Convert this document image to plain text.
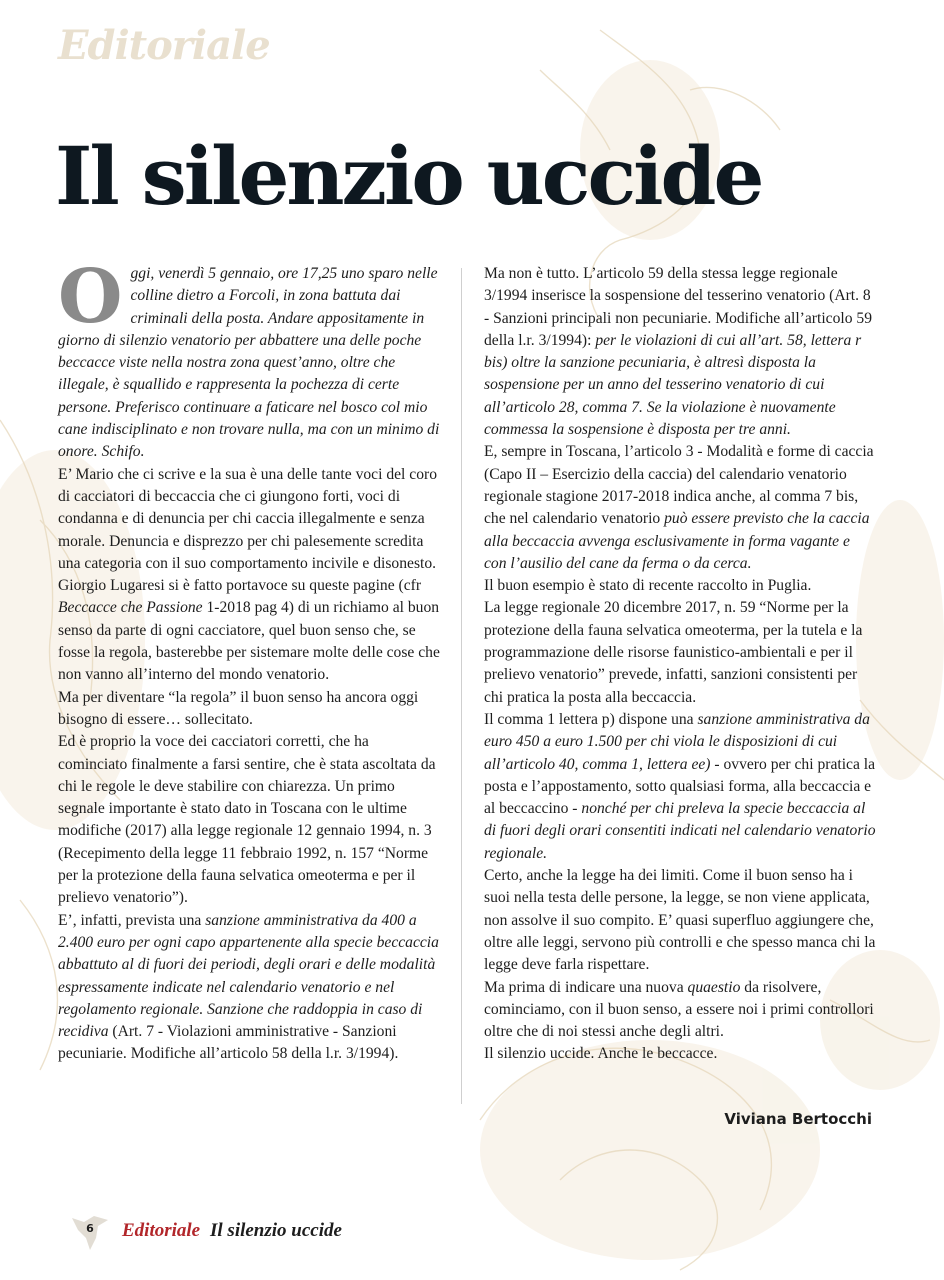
Editoriale
Il silenzio uccide
O ggi, venerdì 5 gennaio, ore 17,25 uno sparo nelle colline dietro a Forcoli, in zona battuta dai criminali della posta. Andare appositamente in giorno di silenzio venatorio per abbattere una delle poche beccacce viste nella nostra zona quest’anno, oltre che illegale, è squallido e rappresenta la pochezza di certe persone. Preferisco continuare a faticare nel bosco col mio cane indisciplinato e non trovare nulla, ma con un minimo di onore. Schifo.

E’ Mario che ci scrive e la sua è una delle tante voci del coro di cacciatori di beccaccia che ci giungono forti, voci di condanna e di denuncia per chi caccia illegalmente e senza morale. Denuncia e disprezzo per chi palesemente scredita una categoria con il suo comportamento incivile e disonesto. Giorgio Lugaresi si è fatto portavoce su queste pagine (cfr Beccacce che Passione 1-2018 pag 4) di un richiamo al buon senso da parte di ogni cacciatore, quel buon senso che, se fosse la regola, basterebbe per sistemare molte delle cose che non vanno all’interno del mondo venatorio.

Ma per diventare “la regola” il buon senso ha ancora oggi bisogno di essere… sollecitato.

Ed è proprio la voce dei cacciatori corretti, che ha cominciato finalmente a farsi sentire, che è stata ascoltata da chi le regole le deve stabilire con chiarezza. Un primo segnale importante è stato dato in Toscana con le ultime modifiche (2017) alla legge regionale 12 gennaio 1994, n. 3 (Recepimento della legge 11 febbraio 1992, n. 157 “Norme per la protezione della fauna selvatica omeoterma e per il prelievo venatorio”).

E’, infatti, prevista una sanzione amministrativa da 400 a 2.400 euro per ogni capo appartenente alla specie beccaccia abbattuto al di fuori dei periodi, degli orari e delle modalità espressamente indicate nel calendario venatorio e nel regolamento regionale. Sanzione che raddoppia in caso di recidiva (Art. 7 - Violazioni amministrative - Sanzioni pecuniarie. Modifiche all’articolo 58 della l.r. 3/1994).

Ma non è tutto. L’articolo 59 della stessa legge regionale 3/1994 inserisce la sospensione del tesserino venatorio (Art. 8 - Sanzioni principali non pecuniarie. Modifiche all’articolo 59 della l.r. 3/1994): per le violazioni di cui all’art. 58, lettera r bis) oltre la sanzione pecuniaria, è altresì disposta la sospensione per un anno del tesserino venatorio di cui all’articolo 28, comma 7. Se la violazione è nuovamente commessa la sospensione è disposta per tre anni.

E, sempre in Toscana, l’articolo 3 - Modalità e forme di caccia (Capo II – Esercizio della caccia) del calendario venatorio regionale stagione 2017-2018 indica anche, al comma 7 bis, che nel calendario venatorio può essere previsto che la caccia alla beccaccia avvenga esclusivamente in forma vagante e con l’ausilio del cane da ferma o da cerca.

Il buon esempio è stato di recente raccolto in Puglia.

La legge regionale 20 dicembre 2017, n. 59 “Norme per la protezione della fauna selvatica omeoterma, per la tutela e la programmazione delle risorse faunistico-ambientali e per il prelievo venatorio” prevede, infatti, sanzioni consistenti per chi pratica la posta alla beccaccia.

Il comma 1 lettera p) dispone una sanzione amministrativa da euro 450 a euro 1.500 per chi viola le disposizioni di cui all’articolo 40, comma 1, lettera ee) - ovvero per chi pratica la posta e l’appostamento, sotto qualsiasi forma, alla beccaccia e al beccaccino - nonché per chi preleva la specie beccaccia al di fuori degli orari consentiti indicati nel calendario venatorio regionale.

Certo, anche la legge ha dei limiti. Come il buon senso ha i suoi nella testa delle persone, la legge, se non viene applicata, non assolve il suo compito. E’ quasi superfluo aggiungere che, oltre alle leggi, servono più controlli e che spesso manca chi la legge deve farla rispettare.

Ma prima di indicare una nuova quaestio da risolvere, cominciamo, con il buon senso, a essere noi i primi controllori oltre che di noi stessi anche degli altri.

Il silenzio uccide. Anche le beccacce.

Viviana Bertocchi
6 Editoriale Il silenzio uccide
